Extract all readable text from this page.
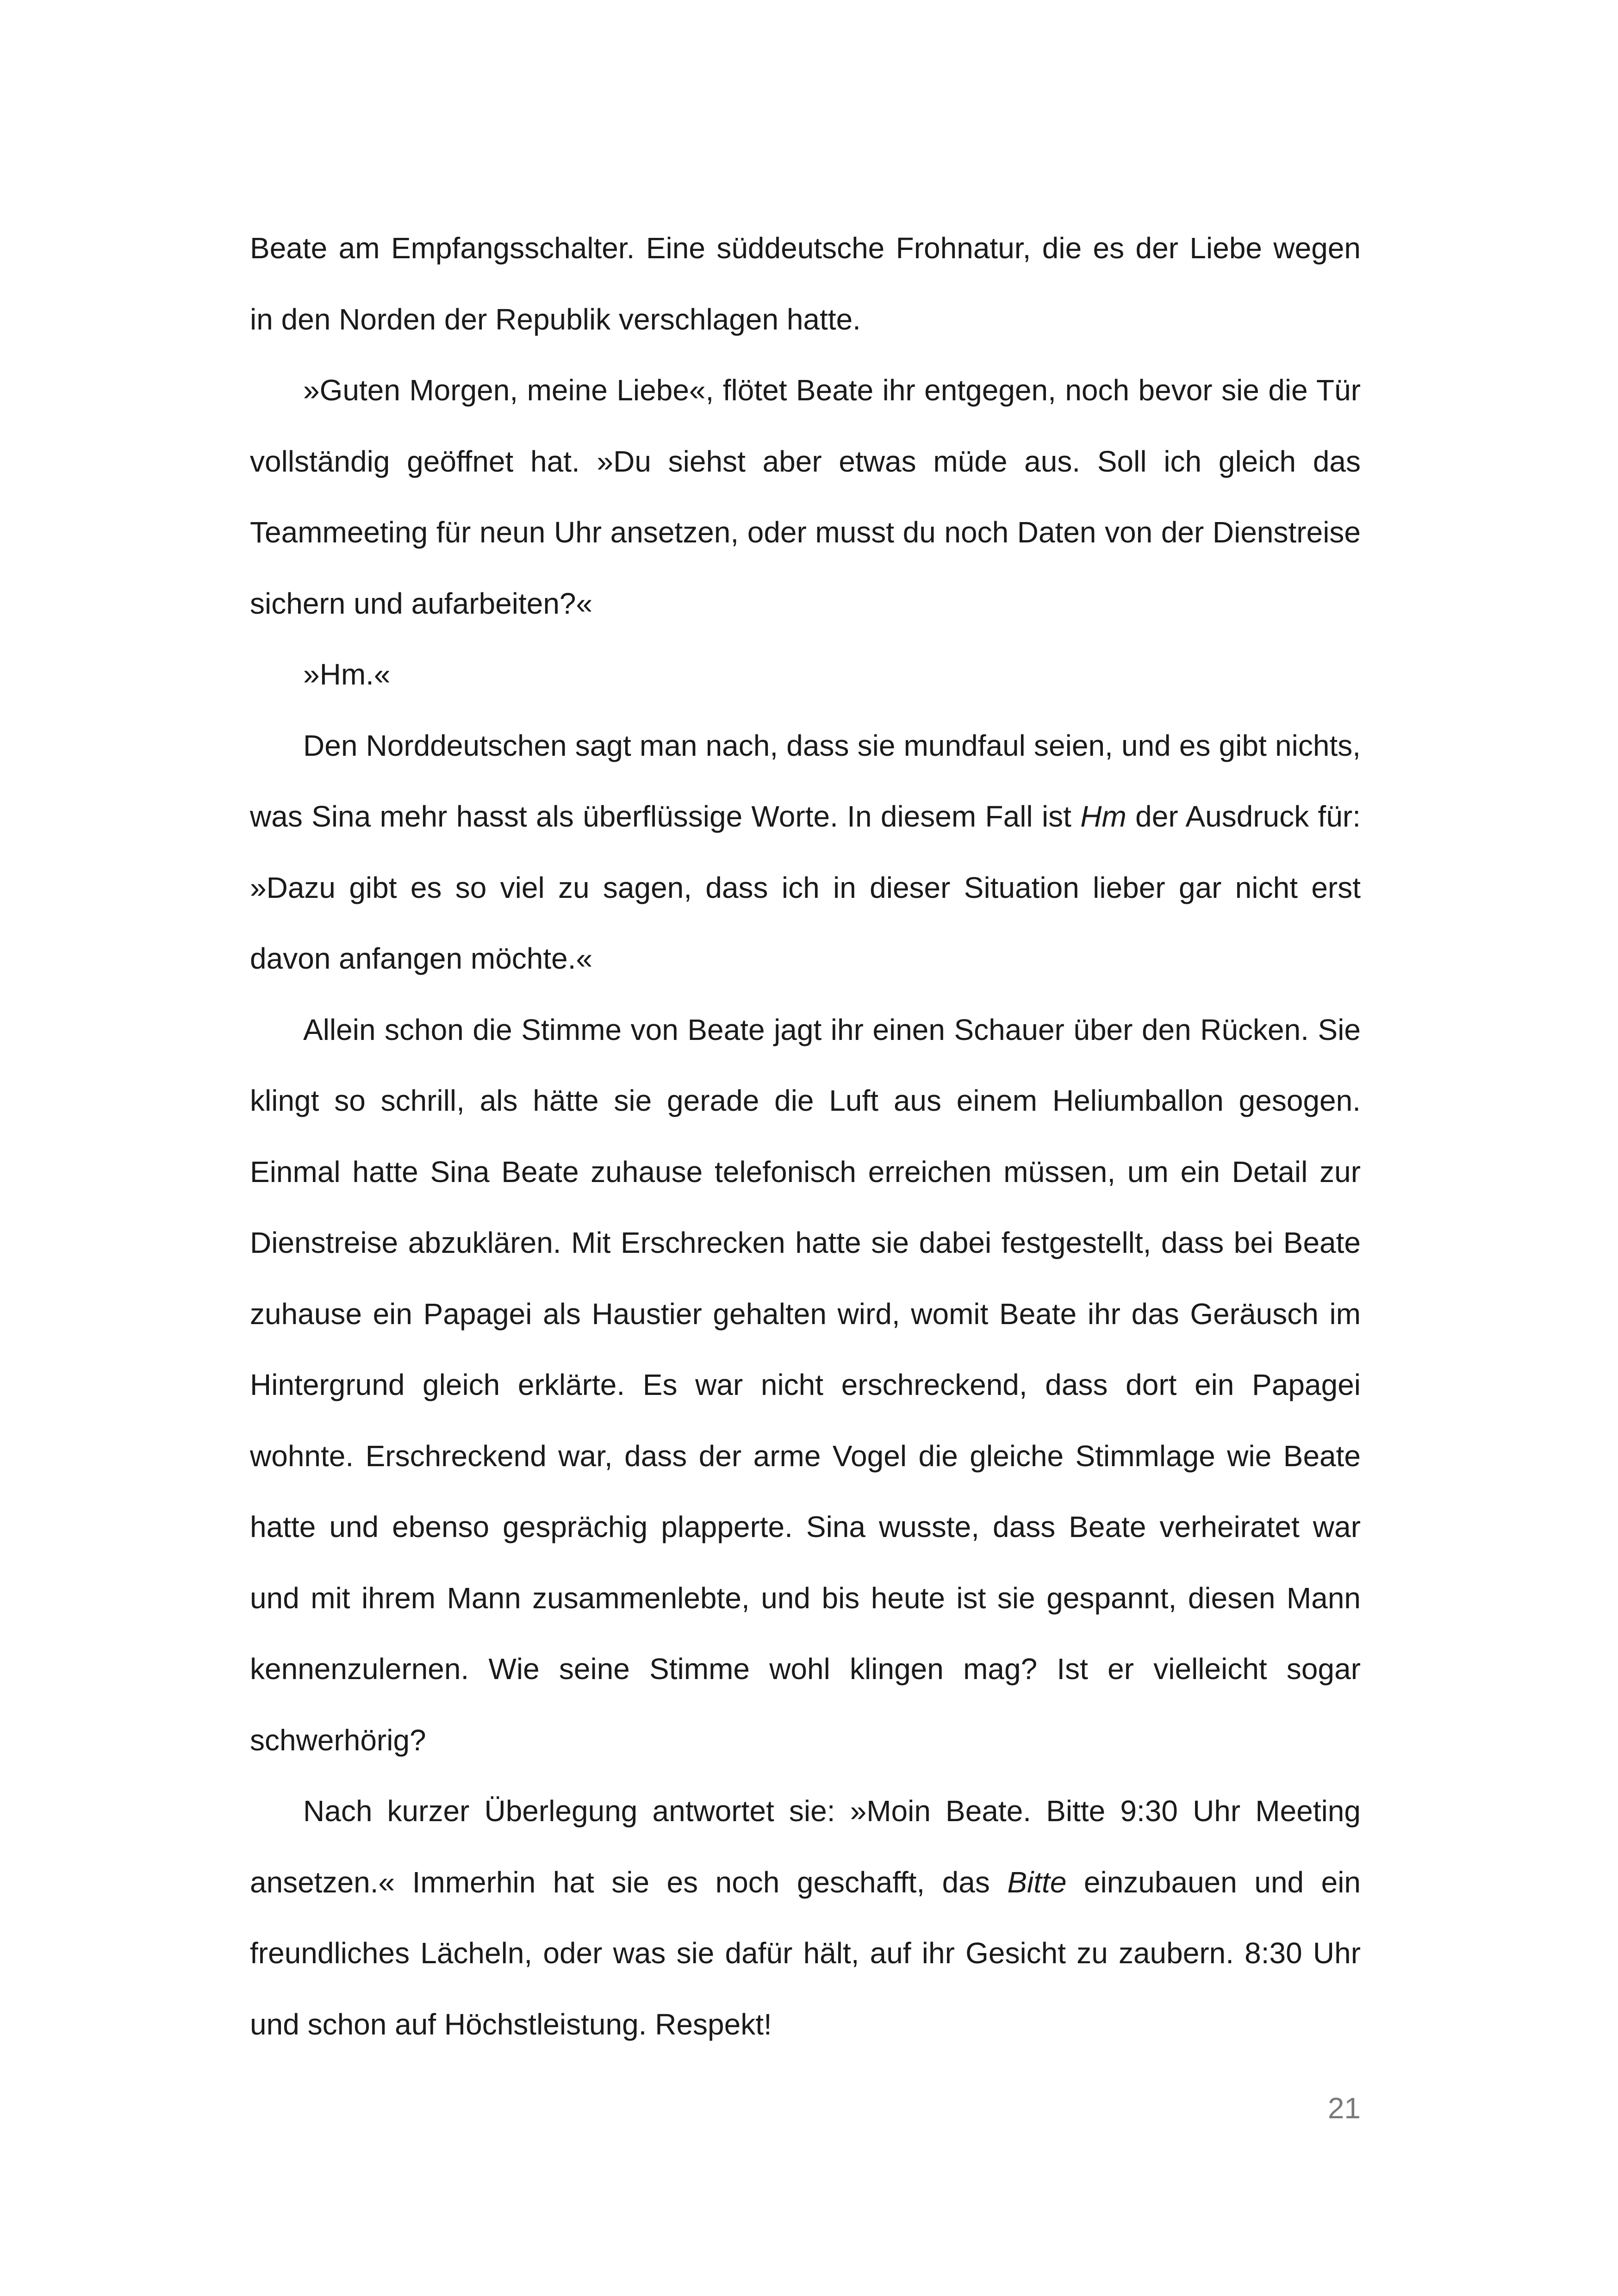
Beate am Empfangsschalter. Eine süddeutsche Frohnatur, die es der Liebe wegen in den Norden der Republik verschlagen hatte.

»Guten Morgen, meine Liebe«, flötet Beate ihr entgegen, noch bevor sie die Tür vollständig geöffnet hat. »Du siehst aber etwas müde aus. Soll ich gleich das Teammeeting für neun Uhr ansetzen, oder musst du noch Daten von der Dienstreise sichern und aufarbeiten?«

»Hm.«

Den Norddeutschen sagt man nach, dass sie mundfaul seien, und es gibt nichts, was Sina mehr hasst als überflüssige Worte. In diesem Fall ist Hm der Ausdruck für: »Dazu gibt es so viel zu sagen, dass ich in dieser Situation lieber gar nicht erst davon anfangen möchte.«

Allein schon die Stimme von Beate jagt ihr einen Schauer über den Rücken. Sie klingt so schrill, als hätte sie gerade die Luft aus einem Heliumballon gesogen. Einmal hatte Sina Beate zuhause telefonisch erreichen müssen, um ein Detail zur Dienstreise abzuklären. Mit Erschrecken hatte sie dabei festgestellt, dass bei Beate zuhause ein Papagei als Haustier gehalten wird, womit Beate ihr das Geräusch im Hintergrund gleich erklärte. Es war nicht erschreckend, dass dort ein Papagei wohnte. Erschreckend war, dass der arme Vogel die gleiche Stimmlage wie Beate hatte und ebenso gesprächig plapperte. Sina wusste, dass Beate verheiratet war und mit ihrem Mann zusammenlebte, und bis heute ist sie gespannt, diesen Mann kennenzulernen. Wie seine Stimme wohl klingen mag? Ist er vielleicht sogar schwerhörig?

Nach kurzer Überlegung antwortet sie: »Moin Beate. Bitte 9:30 Uhr Meeting ansetzen.« Immerhin hat sie es noch geschafft, das Bitte einzubauen und ein freundliches Lächeln, oder was sie dafür hält, auf ihr Gesicht zu zaubern. 8:30 Uhr und schon auf Höchstleistung. Respekt!

21
